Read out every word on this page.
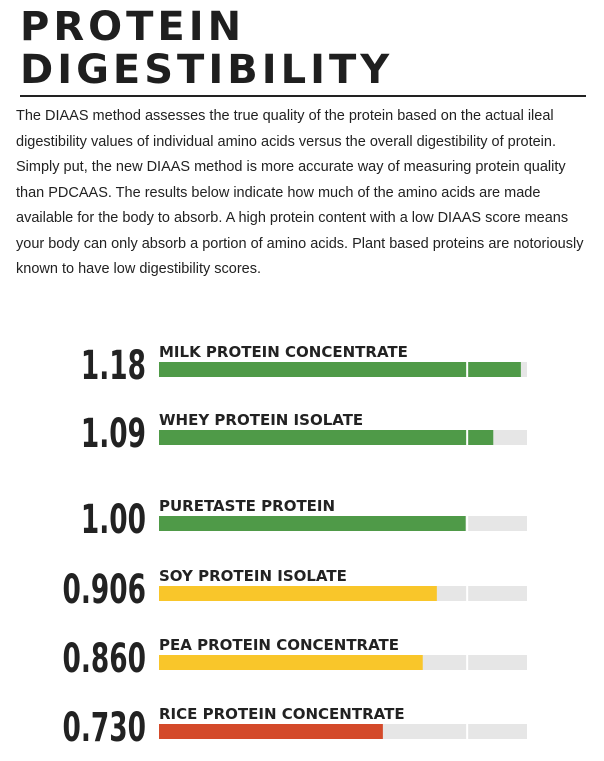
PROTEIN
DIGESTIBILITY

The DIAAS method assesses the true quality of the protein based on the actual ileal digestibility values of individual amino acids versus the overall digestibility of protein. Simply put, the new DIAAS method is more accurate way of measuring protein quality than PDCAAS. The results below indicate how much of the amino acids are made available for the body to absorb. A high protein content with a low DIAAS score means your body can only absorb a portion of amino acids. Plant based proteins are notoriously known to have low digestibility scores.

1.18 MILK PROTEIN CONCENTRATE
1.09 WHEY PROTEIN ISOLATE
1.00 PURETASTE PROTEIN
0.906 SOY PROTEIN ISOLATE
0.860 PEA PROTEIN CONCENTRATE
0.730 RICE PROTEIN CONCENTRATE
